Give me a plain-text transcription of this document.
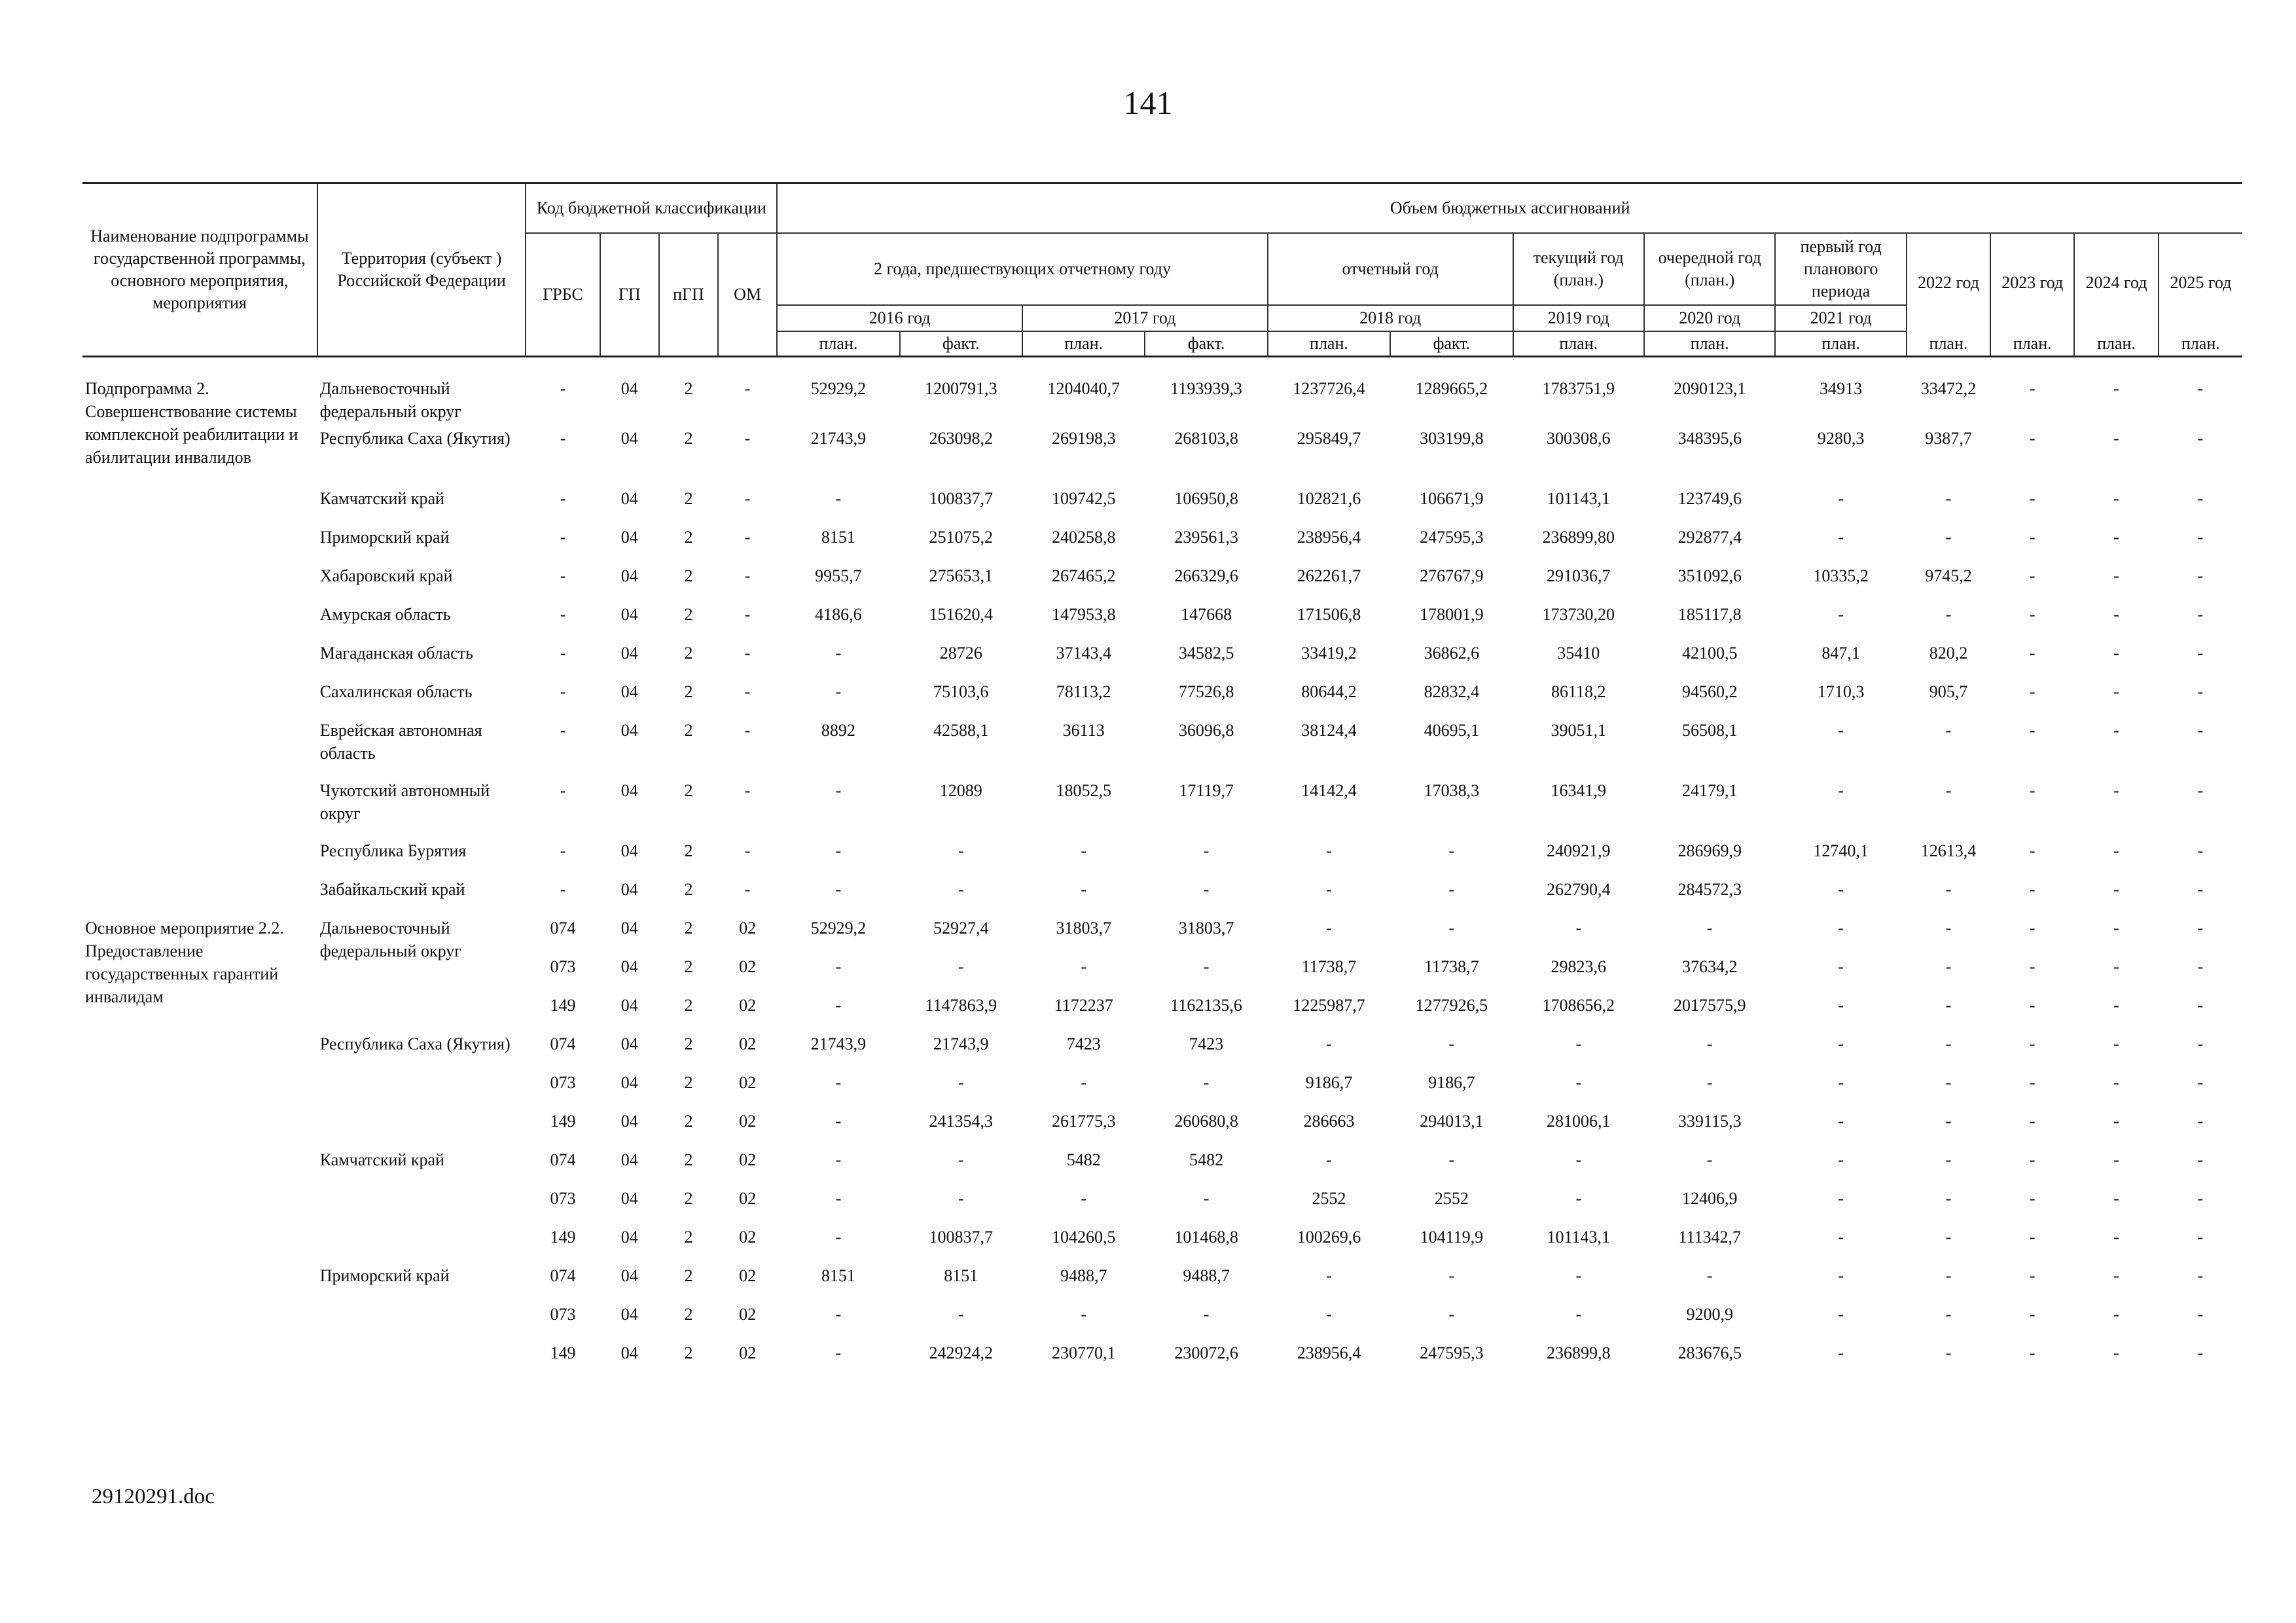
141
Наименование подпрограммы государственной программы, основного мероприятия, мероприятия	Территория (субъект ) Российской Федерации	Код бюджетной классификации				Объем бюджетных ассигнований												
		ГРБС	ГП	пГП	ОМ	2 года, предшествующих отчетному году				отчетный год		текущий год (план.)	очередной год (план.)	первый год планового периода	2022 год	2023 год	2024 год	2025 год
						2016 год		2017 год		2018 год		2019 год	2020 год	2021 год				
						план.	факт.	план.	факт.	план.	факт.	план.	план.	план.	план.	план.	план.	план.
Подпрограмма 2. Совершенствование системы комплексной реабилитации и абилитации инвалидов	Дальневосточный федеральный округ	-	04	2	-	52929,2	1200791,3	1204040,7	1193939,3	1237726,4	1289665,2	1783751,9	2090123,1	34913	33472,2	-	-	-
	Республика Саха (Якутия)	-	04	2	-	21743,9	263098,2	269198,3	268103,8	295849,7	303199,8	300308,6	348395,6	9280,3	9387,7	-	-	-
	Камчатский край	-	04	2	-	-	100837,7	109742,5	106950,8	102821,6	106671,9	101143,1	123749,6	-	-	-	-	-
	Приморский край	-	04	2	-	8151	251075,2	240258,8	239561,3	238956,4	247595,3	236899,80	292877,4	-	-	-	-	-
	Хабаровский край	-	04	2	-	9955,7	275653,1	267465,2	266329,6	262261,7	276767,9	291036,7	351092,6	10335,2	9745,2	-	-	-
	Амурская область	-	04	2	-	4186,6	151620,4	147953,8	147668	171506,8	178001,9	173730,20	185117,8	-	-	-	-	-
	Магаданская область	-	04	2	-	-	28726	37143,4	34582,5	33419,2	36862,6	35410	42100,5	847,1	820,2	-	-	-
	Сахалинская область	-	04	2	-	-	75103,6	78113,2	77526,8	80644,2	82832,4	86118,2	94560,2	1710,3	905,7	-	-	-
	Еврейская автономная область	-	04	2	-	8892	42588,1	36113	36096,8	38124,4	40695,1	39051,1	56508,1	-	-	-	-	-
	Чукотский автономный округ	-	04	2	-	-	12089	18052,5	17119,7	14142,4	17038,3	16341,9	24179,1	-	-	-	-	-
	Республика Бурятия	-	04	2	-	-	-	-	-	-	-	240921,9	286969,9	12740,1	12613,4	-	-	-
	Забайкальский край	-	04	2	-	-	-	-	-	-	-	262790,4	284572,3	-	-	-	-	-
Основное мероприятие 2.2. Предоставление государственных гарантий инвалидам	Дальневосточный федеральный округ	074	04	2	02	52929,2	52927,4	31803,7	31803,7	-	-	-	-	-	-	-	-	-
		073	04	2	02	-	-	-	-	11738,7	11738,7	29823,6	37634,2	-	-	-	-	-
		149	04	2	02	-	1147863,9	1172237	1162135,6	1225987,7	1277926,5	1708656,2	2017575,9	-	-	-	-	-
	Республика Саха (Якутия)	074	04	2	02	21743,9	21743,9	7423	7423	-	-	-	-	-	-	-	-	-
		073	04	2	02	-	-	-	-	9186,7	9186,7	-	-	-	-	-	-	-
		149	04	2	02	-	241354,3	261775,3	260680,8	286663	294013,1	281006,1	339115,3	-	-	-	-	-
	Камчатский край	074	04	2	02	-	-	5482	5482	-	-	-	-	-	-	-	-	-
		073	04	2	02	-	-	-	-	2552	2552	-	12406,9	-	-	-	-	-
		149	04	2	02	-	100837,7	104260,5	101468,8	100269,6	104119,9	101143,1	111342,7	-	-	-	-	-
	Приморский край	074	04	2	02	8151	8151	9488,7	9488,7	-	-	-	-	-	-	-	-	-
		073	04	2	02	-	-	-	-	-	-	-	9200,9	-	-	-	-	-
		149	04	2	02	-	242924,2	230770,1	230072,6	238956,4	247595,3	236899,8	283676,5	-	-	-	-	-
29120291.doc
